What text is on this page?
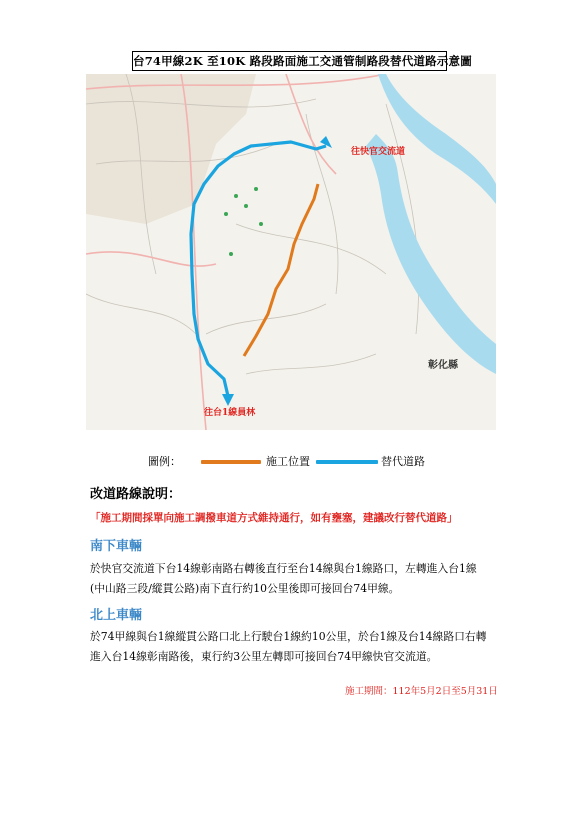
台74甲線2K 至10K 路段路面施工交通管制路段替代道路示意圖
往快官交流道
往台1線員林
彰化縣
圖例：	施工位置	替代道路
改道路線說明：
「施工期間採單向施工調撥車道方式維持通行，如有壅塞，建議改行替代道路」
南下車輛
於快官交流道下台14線彰南路右轉後直行至台14線與台1線路口，左轉進入台1線(中山路三段/縱貫公路)南下直行約10公里後即可接回台74甲線。
北上車輛
於74甲線與台1線縱貫公路口北上行駛台1線約10公里，於台1線及台14線路口右轉進入台14線彰南路後，東行約3公里左轉即可接回台74甲線快官交流道。
施工期間：112年5月2日至5月31日
